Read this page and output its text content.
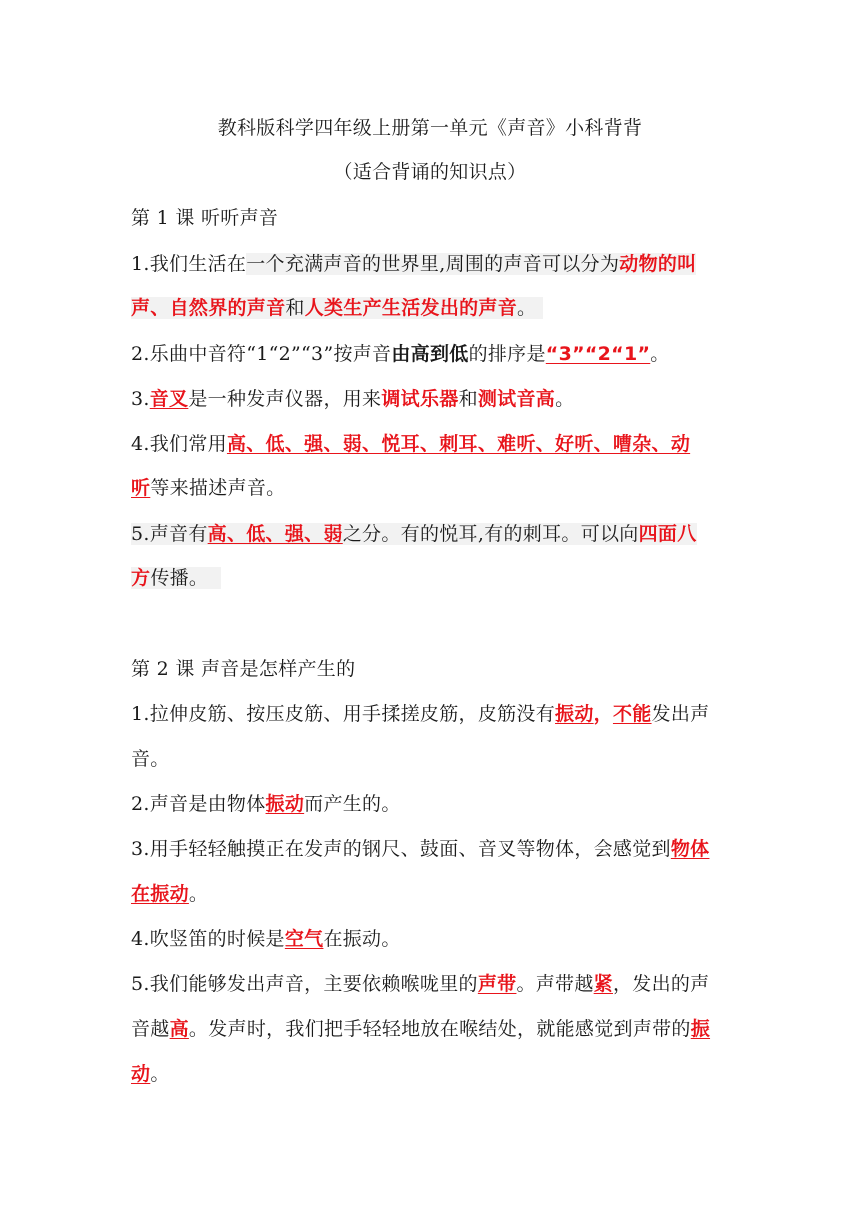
教科版科学四年级上册第一单元《声音》小科背背
（适合背诵的知识点）
第 1 课 听听声音
1.我们生活在一个充满声音的世界里,周围的声音可以分为动物的叫
声、自然界的声音和人类生产生活发出的声音。
2.乐曲中音符“1“2”“3”按声音由高到低的排序是“3”“2“1”。
3.音叉是一种发声仪器，用来调试乐器和测试音高。
4.我们常用高、低、强、弱、悦耳、刺耳、难听、好听、嘈杂、动
听等来描述声音。
5.声音有高、低、强、弱之分。有的悦耳,有的刺耳。可以向四面八
方传播。
第 2 课 声音是怎样产生的
1.拉伸皮筋、按压皮筋、用手揉搓皮筋，皮筋没有振动，不能发出声
音。
2.声音是由物体振动而产生的。
3.用手轻轻触摸正在发声的钢尺、鼓面、音叉等物体，会感觉到物体
在振动。
4.吹竖笛的时候是空气在振动。
5.我们能够发出声音，主要依赖喉咙里的声带。声带越紧，发出的声
音越高。发声时，我们把手轻轻地放在喉结处，就能感觉到声带的振
动。
